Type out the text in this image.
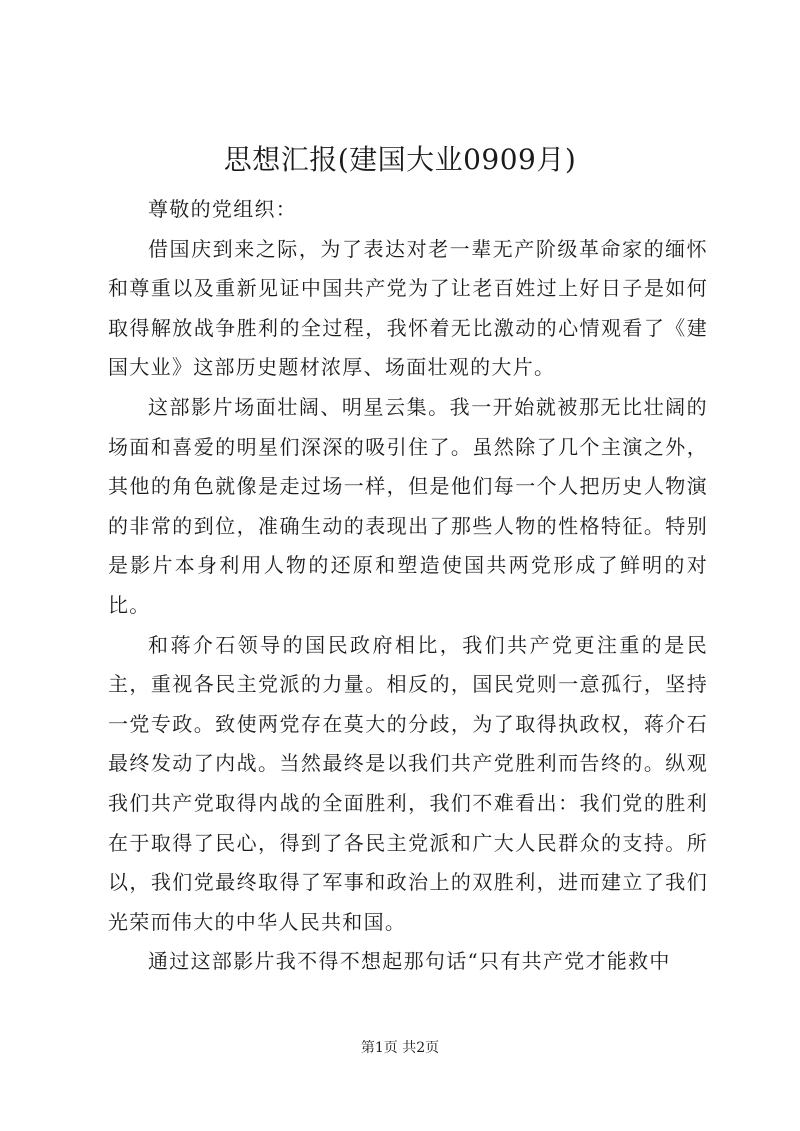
思想汇报(建国大业0909月)

尊敬的党组织：

借国庆到来之际，为了表达对老一辈无产阶级革命家的缅怀和尊重以及重新见证中国共产党为了让老百姓过上好日子是如何取得解放战争胜利的全过程，我怀着无比激动的心情观看了《建国大业》这部历史题材浓厚、场面壮观的大片。

这部影片场面壮阔、明星云集。我一开始就被那无比壮阔的场面和喜爱的明星们深深的吸引住了。虽然除了几个主演之外，其他的角色就像是走过场一样，但是他们每一个人把历史人物演的非常的到位，准确生动的表现出了那些人物的性格特征。特别是影片本身利用人物的还原和塑造使国共两党形成了鲜明的对比。

和蒋介石领导的国民政府相比，我们共产党更注重的是民主，重视各民主党派的力量。相反的，国民党则一意孤行，坚持一党专政。致使两党存在莫大的分歧，为了取得执政权，蒋介石最终发动了内战。当然最终是以我们共产党胜利而告终的。纵观我们共产党取得内战的全面胜利，我们不难看出：我们党的胜利在于取得了民心，得到了各民主党派和广大人民群众的支持。所以，我们党最终取得了军事和政治上的双胜利，进而建立了我们光荣而伟大的中华人民共和国。

通过这部影片我不得不想起那句话“只有共产党才能救中

第1页 共2页
